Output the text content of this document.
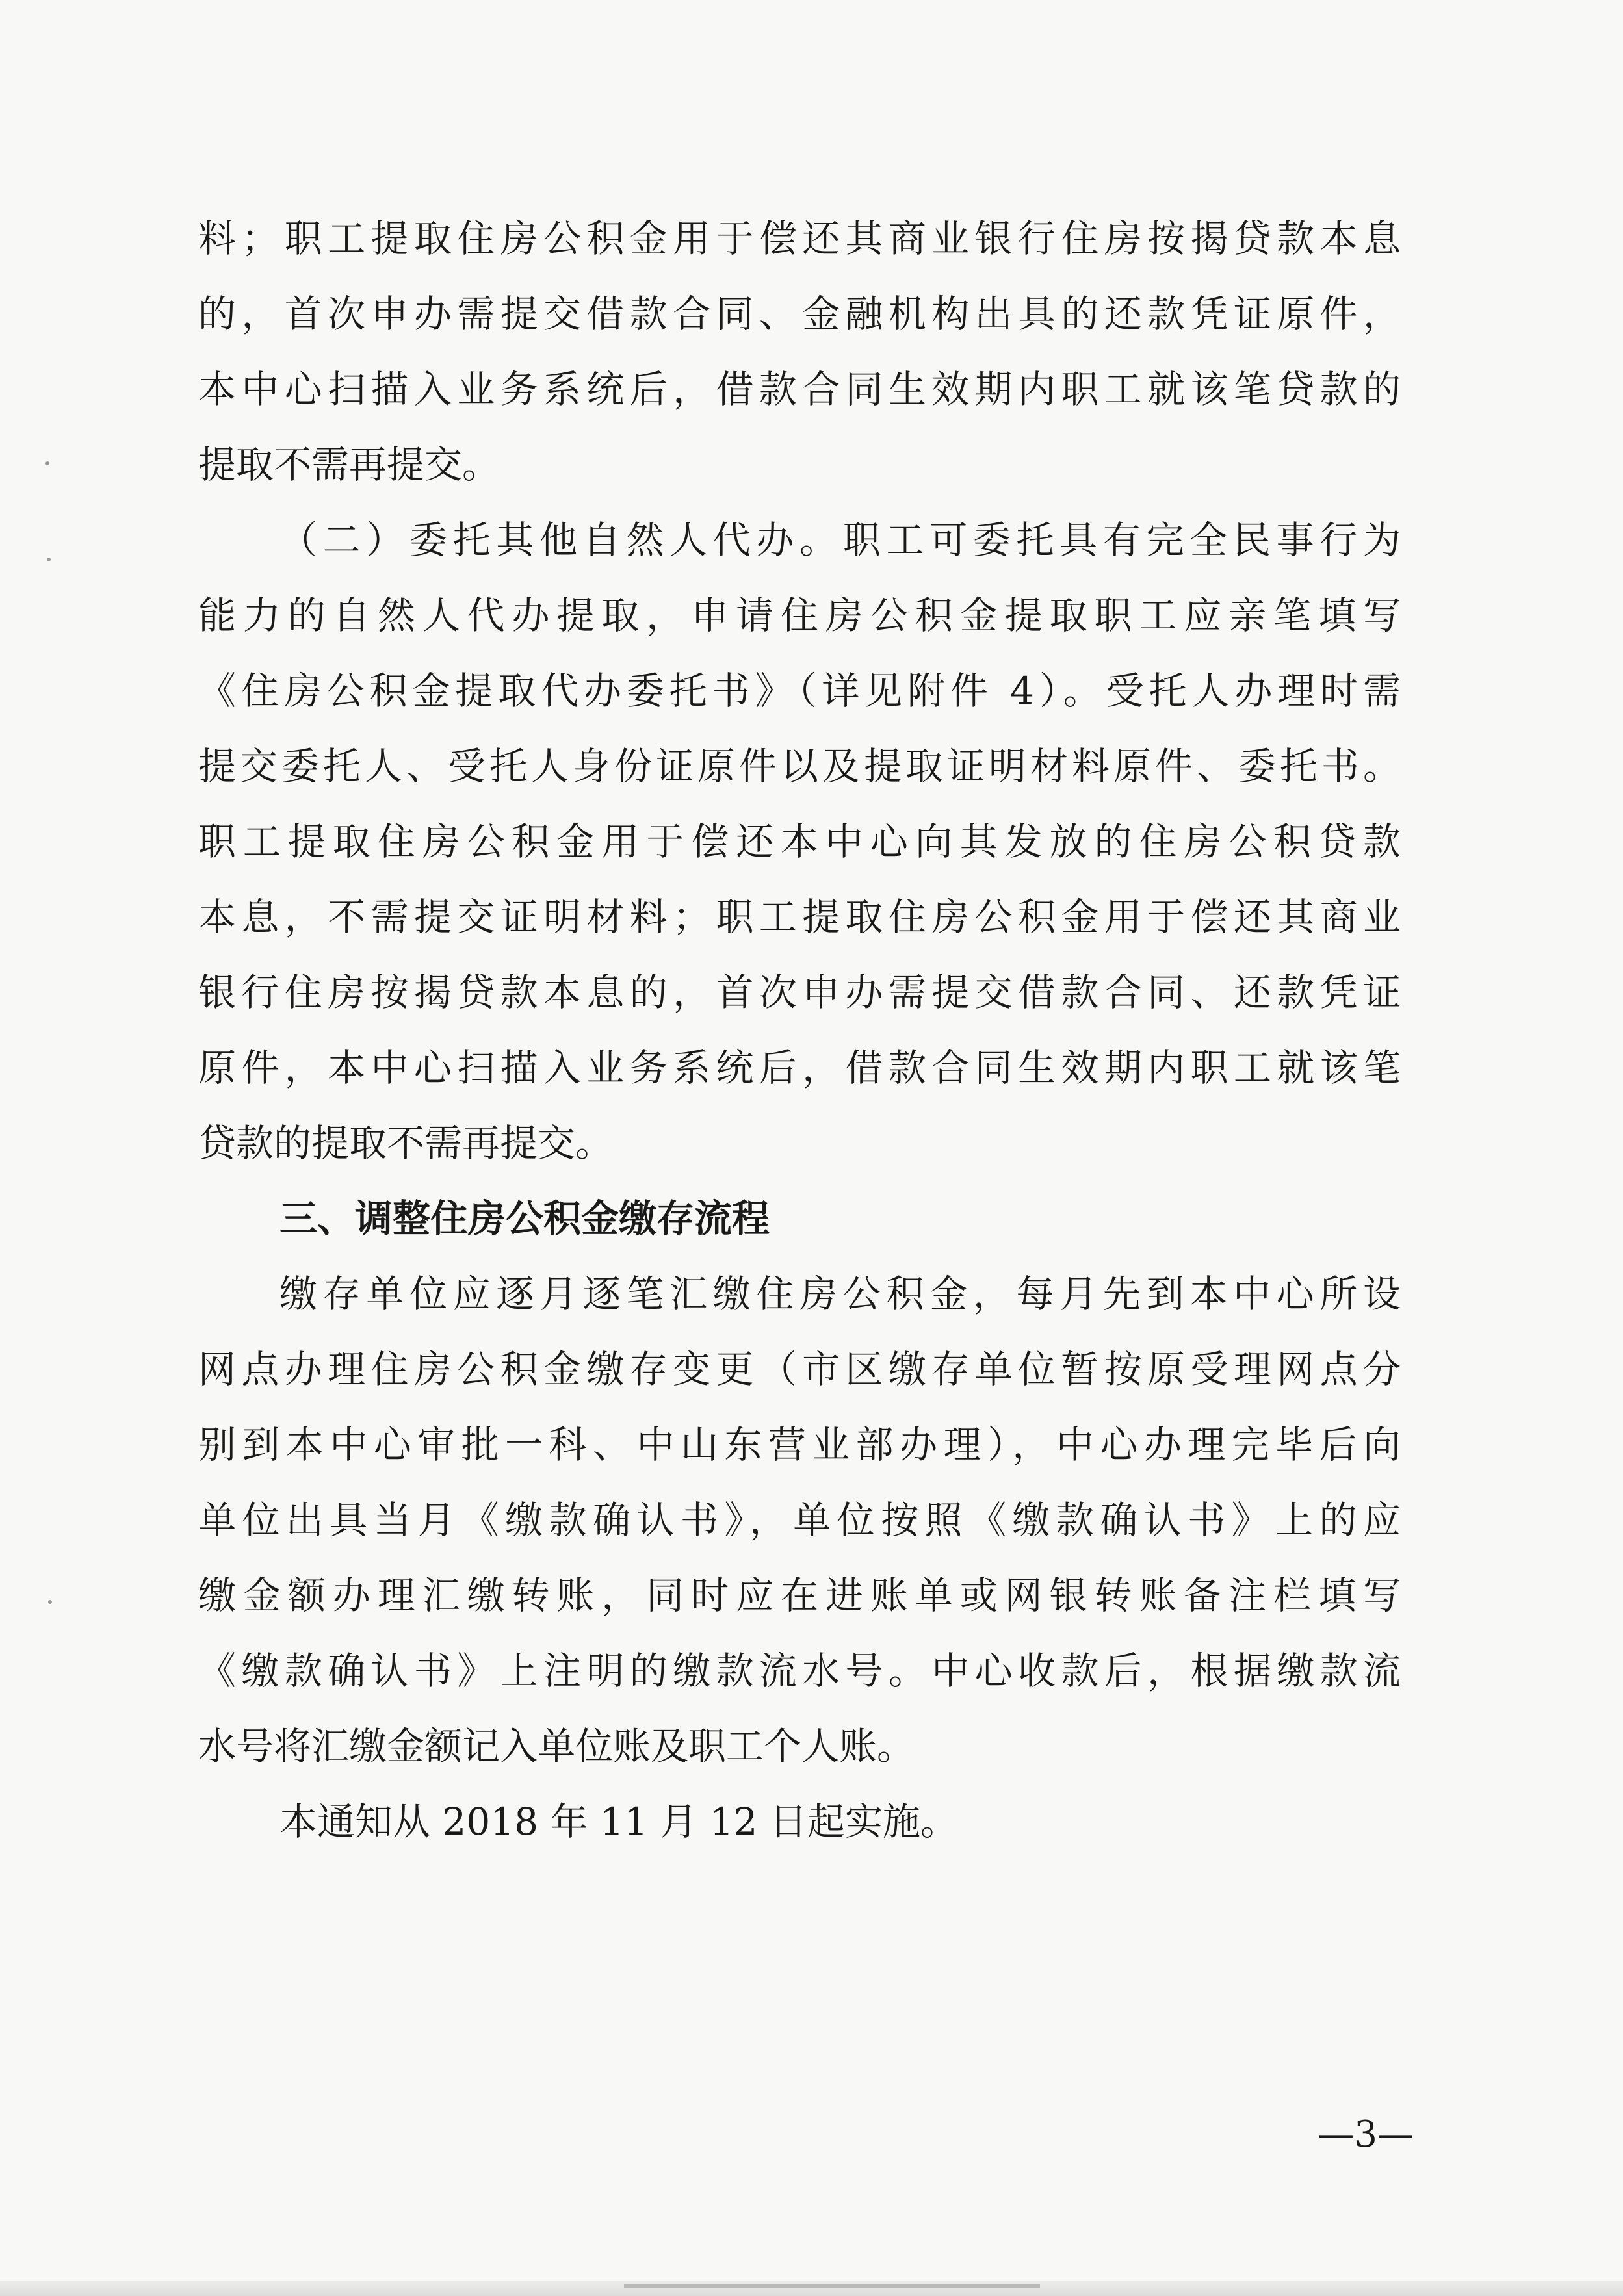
料；职工提取住房公积金用于偿还其商业银行住房按揭贷款本息
的，首次申办需提交借款合同、金融机构出具的还款凭证原件，
本中心扫描入业务系统后，借款合同生效期内职工就该笔贷款的
提取不需再提交。
（二）委托其他自然人代办。职工可委托具有完全民事行为
能力的自然人代办提取，申请住房公积金提取职工应亲笔填写
《住房公积金提取代办委托书》（详见附件 4）。受托人办理时需
提交委托人、受托人身份证原件以及提取证明材料原件、委托书。
职工提取住房公积金用于偿还本中心向其发放的住房公积贷款
本息，不需提交证明材料；职工提取住房公积金用于偿还其商业
银行住房按揭贷款本息的，首次申办需提交借款合同、还款凭证
原件，本中心扫描入业务系统后，借款合同生效期内职工就该笔
贷款的提取不需再提交。
三、调整住房公积金缴存流程
缴存单位应逐月逐笔汇缴住房公积金，每月先到本中心所设
网点办理住房公积金缴存变更（市区缴存单位暂按原受理网点分
别到本中心审批一科、中山东营业部办理），中心办理完毕后向
单位出具当月《缴款确认书》，单位按照《缴款确认书》上的应
缴金额办理汇缴转账，同时应在进账单或网银转账备注栏填写
《缴款确认书》上注明的缴款流水号。中心收款后，根据缴款流
水号将汇缴金额记入单位账及职工个人账。
本通知从 2018 年 11 月 12 日起实施。
—3—
